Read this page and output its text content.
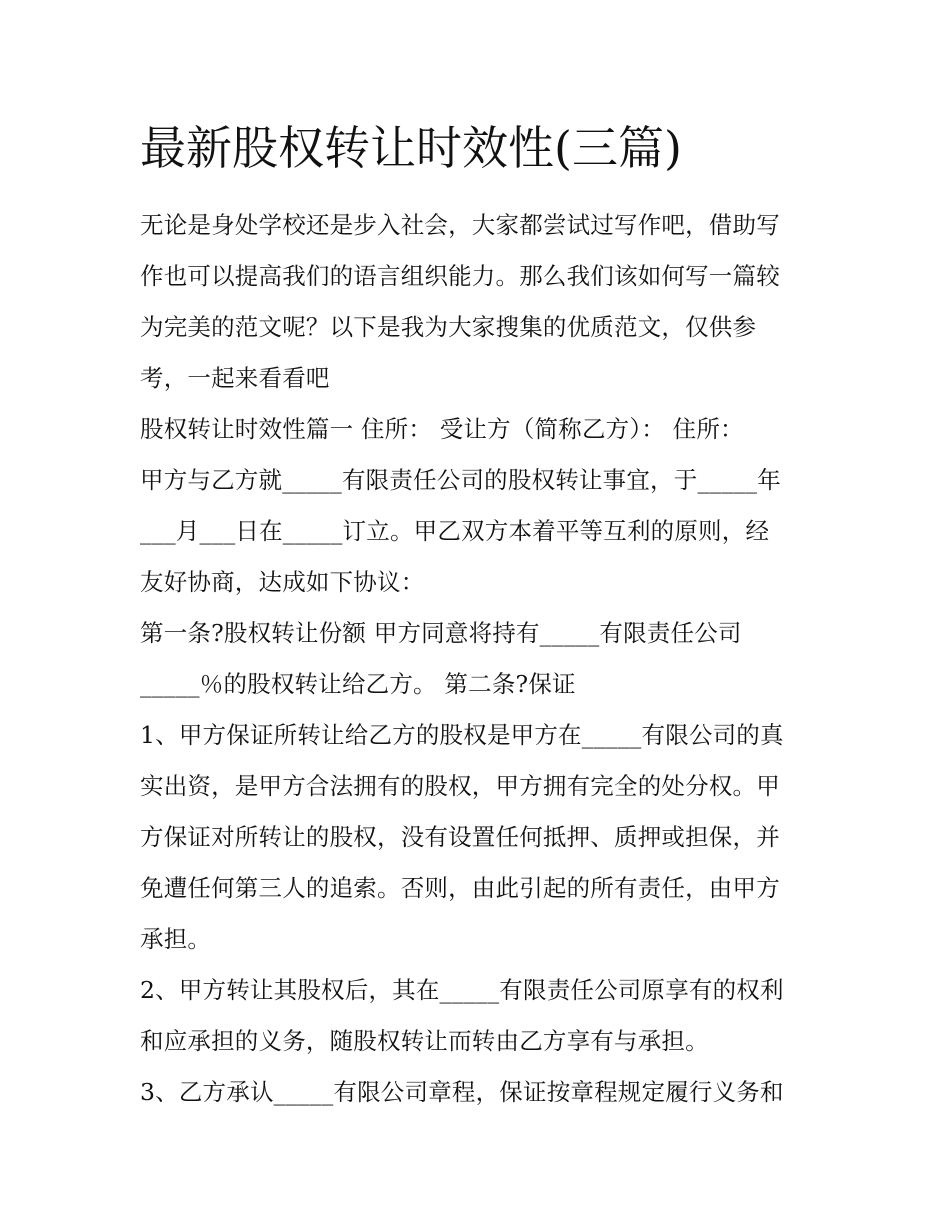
最新股权转让时效性(三篇)
无论是身处学校还是步入社会，大家都尝试过写作吧，借助写
作也可以提高我们的语言组织能力。那么我们该如何写一篇较
为完美的范文呢？以下是我为大家搜集的优质范文，仅供参
考，一起来看看吧
股权转让时效性篇一 住所： 受让方（简称乙方）： 住所：
甲方与乙方就_____有限责任公司的股权转让事宜，于_____年
___月___日在_____订立。甲乙双方本着平等互利的原则，经
友好协商，达成如下协议：
第一条?股权转让份额 甲方同意将持有_____有限责任公司
_____％的股权转让给乙方。 第二条?保证
1、甲方保证所转让给乙方的股权是甲方在_____有限公司的真
实出资，是甲方合法拥有的股权，甲方拥有完全的处分权。甲
方保证对所转让的股权，没有设置任何抵押、质押或担保，并
免遭任何第三人的追索。否则，由此引起的所有责任，由甲方
承担。
2、甲方转让其股权后，其在_____有限责任公司原享有的权利
和应承担的义务，随股权转让而转由乙方享有与承担。
3、乙方承认_____有限公司章程，保证按章程规定履行义务和
